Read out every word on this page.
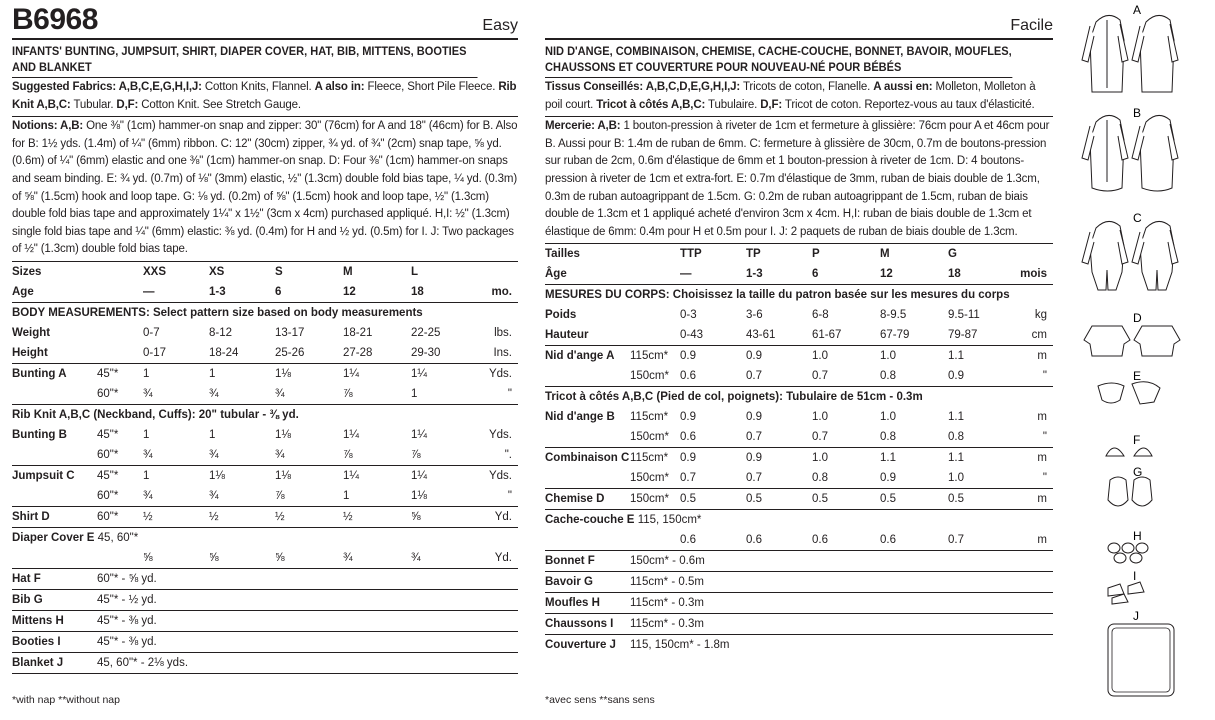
B6968	Easy
INFANTS' BUNTING, JUMPSUIT, SHIRT, DIAPER COVER, HAT, BIB, MITTENS, BOOTIES AND BLANKET
Suggested Fabrics: A,B,C,E,G,H,I,J: Cotton Knits, Flannel. A also in: Fleece, Short Pile Fleece. Rib Knit A,B,C: Tubular. D,F: Cotton Knit. See Stretch Gauge.
Notions: A,B: One ⅜" (1cm) hammer-on snap and zipper: 30" (76cm) for A and 18" (46cm) for B. Also for B: 1½ yds. (1.4m) of ¼" (6mm) ribbon. C: 12" (30cm) zipper, ¾ yd. of ¾" (2cm) snap tape, ⅝ yd. (0.6m) of ¼" (6mm) elastic and one ⅜" (1cm) hammer-on snap. D: Four ⅜" (1cm) hammer-on snaps and seam binding. E: ¾ yd. (0.7m) of ⅛" (3mm) elastic, ½" (1.3cm) double fold bias tape, ¼ yd. (0.3m) of ⅝" (1.5cm) hook and loop tape. G: ⅛ yd. (0.2m) of ⅝" (1.5cm) hook and loop tape, ½" (1.3cm) double fold bias tape and approximately 1¼" x 1½" (3cm x 4cm) purchased appliqué. H,I: ½" (1.3cm) single fold bias tape and ¼" (6mm) elastic: ⅜ yd. (0.4m) for H and ½ yd. (0.5m) for I. J: Two packages of ½" (1.3cm) double fold bias tape.
Sizes		XXS	XS	S	M	L	
Age		—	1-3	6	12	18	mo.
BODY MEASUREMENTS: Select pattern size based on body measurements							
Weight		0-7	8-12	13-17	18-21	22-25	lbs.
Height		0-17	18-24	25-26	27-28	29-30	Ins.
Bunting A	45"*	1	1	1⅛	1¼	1¼	Yds.
	60"*	¾	¾	¾	⅞	1	"
Rib Knit A,B,C (Neckband, Cuffs): 20" tubular - ⅜ yd.							
Bunting B	45"*	1	1	1⅛	1¼	1¼	Yds.
	60"*	¾	¾	¾	⅞	⅞	".
Jumpsuit C	45"*	1	1⅛	1⅛	1¼	1¼	Yds.
	60"*	¾	¾	⅞	1	1⅛	"
Shirt D	60"*	½	½	½	½	⅝	Yd.
Diaper Cover E 45, 60"*							
		⅝	⅝	⅝	¾	¾	Yd.
Hat F	60"* - ⅝ yd.						
Bib G	45"* - ½ yd.						
Mittens H	45"* - ⅜ yd.						
Booties I	45"* - ⅜ yd.						
Blanket J	45, 60"* - 2⅛ yds.						
*with nap **without nap
Facile
NID D'ANGE, COMBINAISON, CHEMISE, CACHE-COUCHE, BONNET, BAVOIR, MOUFLES, CHAUSSONS ET COUVERTURE POUR NOUVEAU-NÉ POUR BÉBÉS
Tissus Conseillés: A,B,C,D,E,G,H,I,J: Tricots de coton, Flanelle. A aussi en: Molleton, Molleton à poil court. Tricot à côtés A,B,C: Tubulaire. D,F: Tricot de coton. Reportez-vous au taux d'élasticité.
Mercerie: A,B: 1 bouton-pression à riveter de 1cm et fermeture à glissière: 76cm pour A et 46cm pour B. Aussi pour B: 1.4m de ruban de 6mm. C: fermeture à glissière de 30cm, 0.7m de boutons-pression sur ruban de 2cm, 0.6m d'élastique de 6mm et 1 bouton-pression à riveter de 1cm. D: 4 boutons-pression à riveter de 1cm et extra-fort. E: 0.7m d'élastique de 3mm, ruban de biais double de 1.3cm, 0.3m de ruban autoagrippant de 1.5cm. G: 0.2m de ruban autoagrippant de 1.5cm, ruban de biais double de 1.3cm et 1 appliqué acheté d'environ 3cm x 4cm. H,I: ruban de biais double de 1.3cm et élastique de 6mm: 0.4m pour H et 0.5m pour I. J: 2 paquets de ruban de biais double de 1.3cm.
Tailles		TTP	TP	P	M	G	
Âge		—	1-3	6	12	18	mois
MESURES DU CORPS: Choisissez la taille du patron basée sur les mesures du corps							
Poids		0-3	3-6	6-8	8-9.5	9.5-11	kg
Hauteur		0-43	43-61	61-67	67-79	79-87	cm
Nid d'ange A	115cm*	0.9	0.9	1.0	1.0	1.1	m
	150cm*	0.6	0.7	0.7	0.8	0.9	"
Tricot à côtés A,B,C (Pied de col, poignets): Tubulaire de 51cm - 0.3m							
Nid d'ange B	115cm*	0.9	0.9	1.0	1.0	1.1	m
	150cm*	0.6	0.7	0.7	0.8	0.8	"
Combinaison C	115cm*	0.9	0.9	1.0	1.1	1.1	m
	150cm*	0.7	0.7	0.8	0.9	1.0	"
Chemise D	150cm*	0.5	0.5	0.5	0.5	0.5	m
Cache-couche E 115, 150cm*							
		0.6	0.6	0.6	0.6	0.7	m
Bonnet F	150cm* - 0.6m						
Bavoir G	115cm* - 0.5m						
Moufles H	115cm* - 0.3m						
Chaussons I	115cm* - 0.3m						
Couverture J	115, 150cm* - 1.8m						
*avec sens **sans sens
A
B
C
D
E
F
G
H
I
J
